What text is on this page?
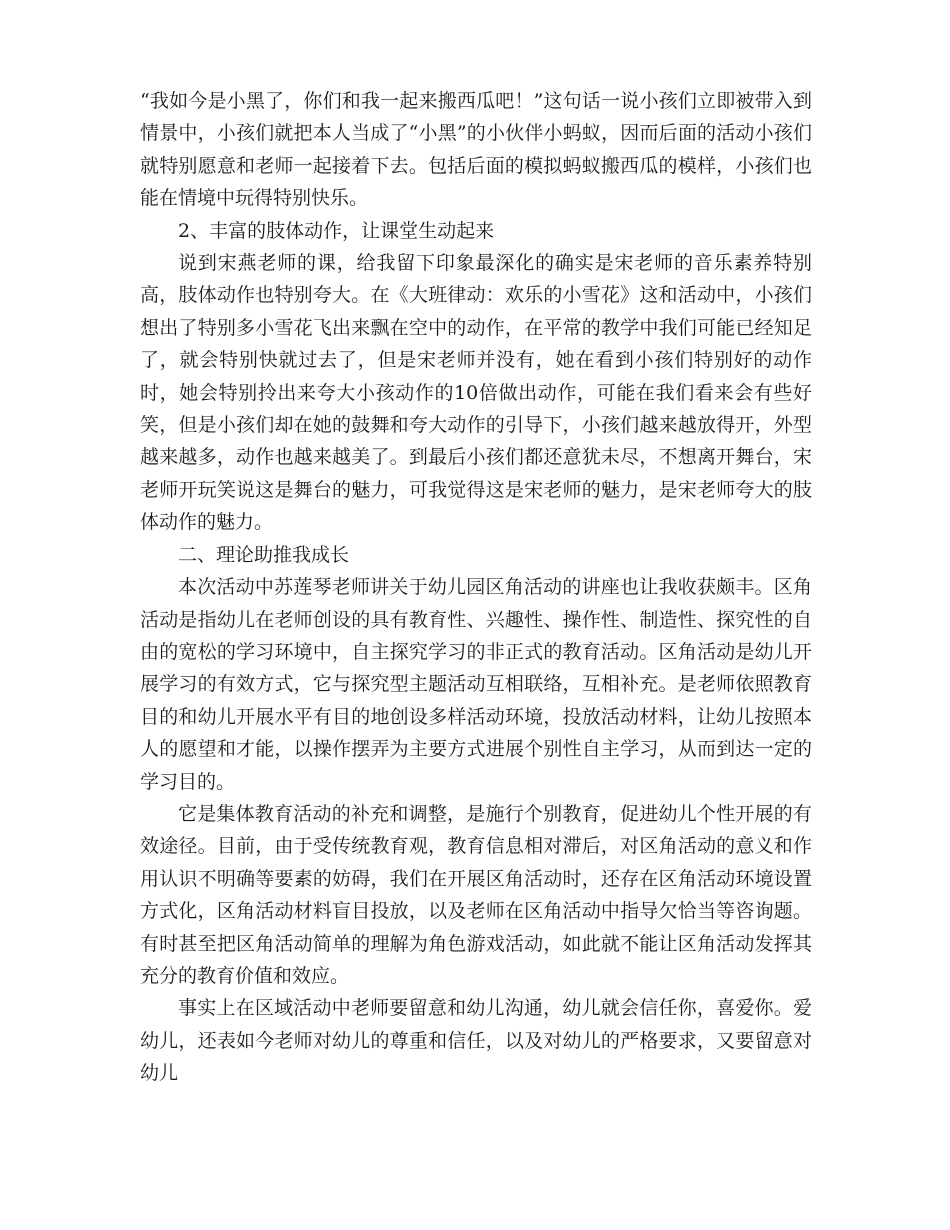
“我如今是小黑了，你们和我一起来搬西瓜吧！”这句话一说小孩们立即被带入到情景中，小孩们就把本人当成了“小黑”的小伙伴小蚂蚁，因而后面的活动小孩们就特别愿意和老师一起接着下去。包括后面的模拟蚂蚁搬西瓜的模样，小孩们也能在情境中玩得特别快乐。

2、丰富的肢体动作，让课堂生动起来

说到宋燕老师的课，给我留下印象最深化的确实是宋老师的音乐素养特别高，肢体动作也特别夸大。在《大班律动：欢乐的小雪花》这和活动中，小孩们想出了特别多小雪花飞出来飘在空中的动作，在平常的教学中我们可能已经知足了，就会特别快就过去了，但是宋老师并没有，她在看到小孩们特别好的动作时，她会特别拎出来夸大小孩动作的10倍做出动作，可能在我们看来会有些好笑，但是小孩们却在她的鼓舞和夸大动作的引导下，小孩们越来越放得开，外型越来越多，动作也越来越美了。到最后小孩们都还意犹未尽，不想离开舞台，宋老师开玩笑说这是舞台的魅力，可我觉得这是宋老师的魅力，是宋老师夸大的肢体动作的魅力。

二、理论助推我成长

本次活动中苏莲琴老师讲关于幼儿园区角活动的讲座也让我收获颇丰。区角活动是指幼儿在老师创设的具有教育性、兴趣性、操作性、制造性、探究性的自由的宽松的学习环境中，自主探究学习的非正式的教育活动。区角活动是幼儿开展学习的有效方式，它与探究型主题活动互相联络，互相补充。是老师依照教育目的和幼儿开展水平有目的地创设多样活动环境，投放活动材料，让幼儿按照本人的愿望和才能，以操作摆弄为主要方式进展个别性自主学习，从而到达一定的学习目的。

它是集体教育活动的补充和调整，是施行个别教育，促进幼儿个性开展的有效途径。目前，由于受传统教育观，教育信息相对滞后，对区角活动的意义和作用认识不明确等要素的妨碍，我们在开展区角活动时，还存在区角活动环境设置方式化，区角活动材料盲目投放，以及老师在区角活动中指导欠恰当等咨询题。有时甚至把区角活动简单的理解为角色游戏活动，如此就不能让区角活动发挥其充分的教育价值和效应。

事实上在区域活动中老师要留意和幼儿沟通，幼儿就会信任你，喜爱你。爱幼儿，还表如今老师对幼儿的尊重和信任，以及对幼儿的严格要求，又要留意对幼儿
